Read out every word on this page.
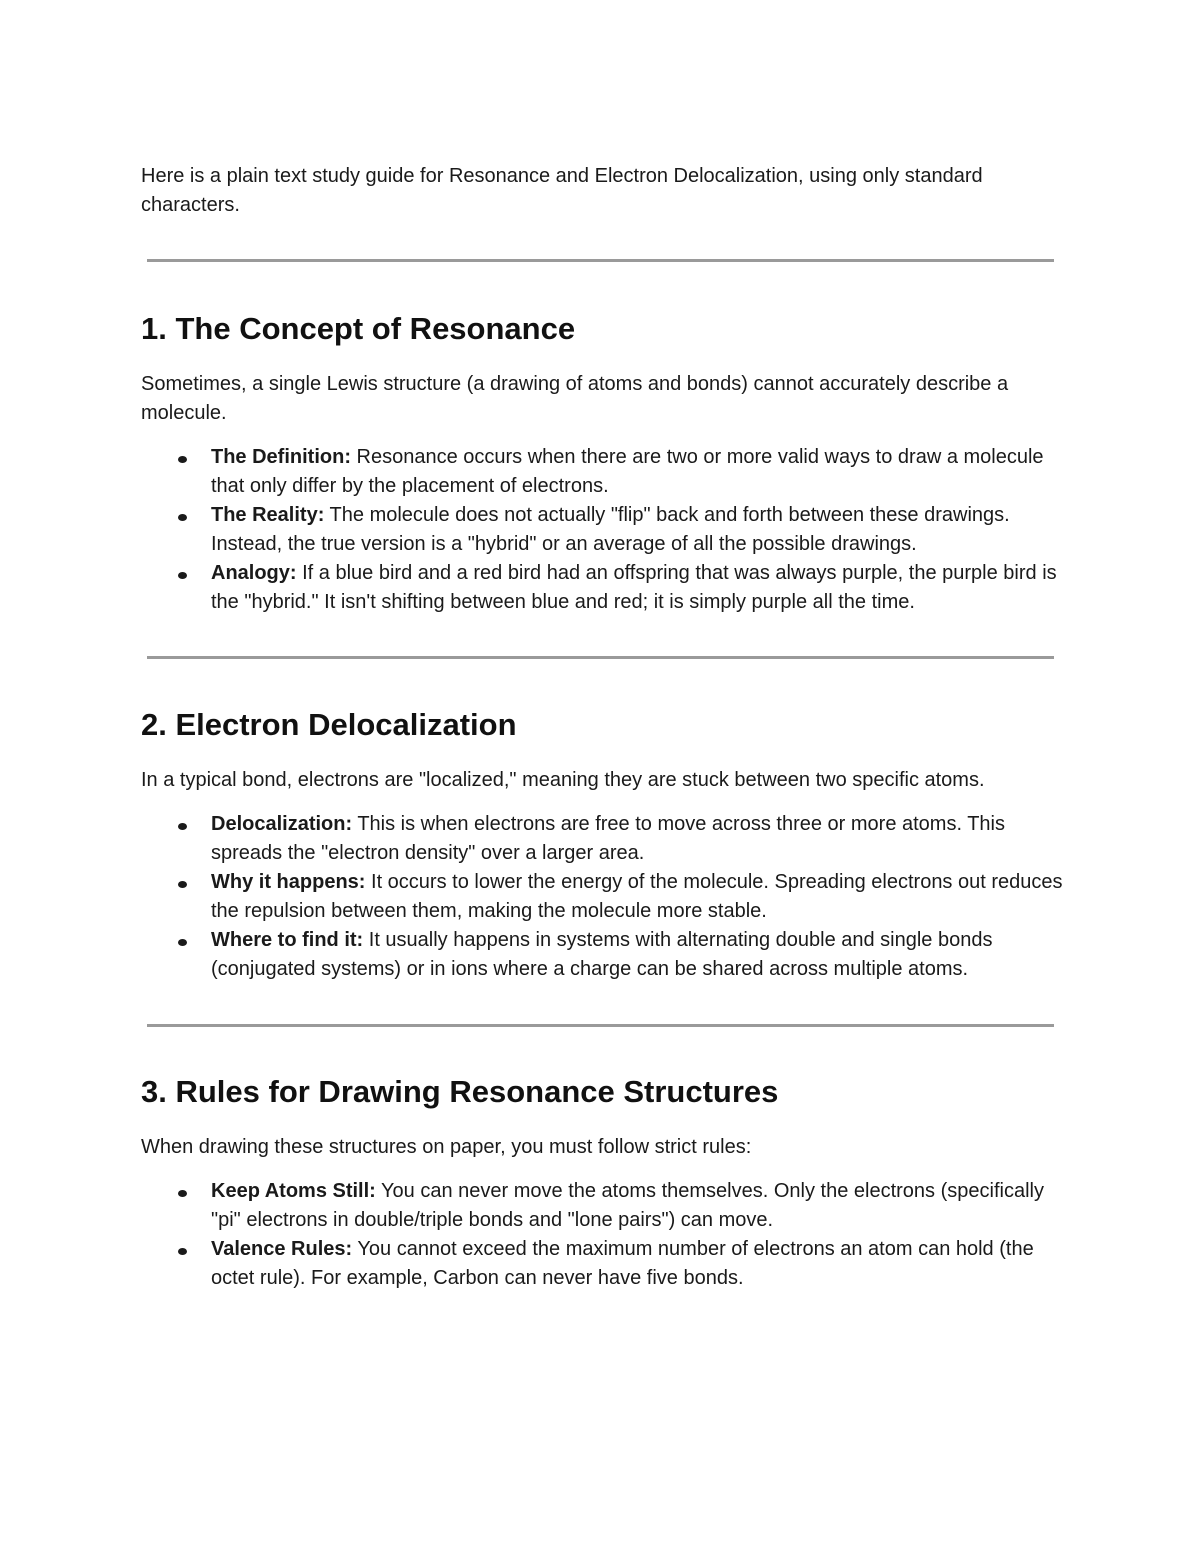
Here is a plain text study guide for Resonance and Electron Delocalization, using only standard characters.

1. The Concept of Resonance

Sometimes, a single Lewis structure (a drawing of atoms and bonds) cannot accurately describe a molecule.

The Definition: Resonance occurs when there are two or more valid ways to draw a molecule that only differ by the placement of electrons.
The Reality: The molecule does not actually "flip" back and forth between these drawings. Instead, the true version is a "hybrid" or an average of all the possible drawings.
Analogy: If a blue bird and a red bird had an offspring that was always purple, the purple bird is the "hybrid." It isn't shifting between blue and red; it is simply purple all the time.
2. Electron Delocalization

In a typical bond, electrons are "localized," meaning they are stuck between two specific atoms.

Delocalization: This is when electrons are free to move across three or more atoms. This spreads the "electron density" over a larger area.
Why it happens: It occurs to lower the energy of the molecule. Spreading electrons out reduces the repulsion between them, making the molecule more stable.
Where to find it: It usually happens in systems with alternating double and single bonds (conjugated systems) or in ions where a charge can be shared across multiple atoms.
3. Rules for Drawing Resonance Structures

When drawing these structures on paper, you must follow strict rules:

Keep Atoms Still: You can never move the atoms themselves. Only the electrons (specifically "pi" electrons in double/triple bonds and "lone pairs") can move.
Valence Rules: You cannot exceed the maximum number of electrons an atom can hold (the octet rule). For example, Carbon can never have five bonds.
